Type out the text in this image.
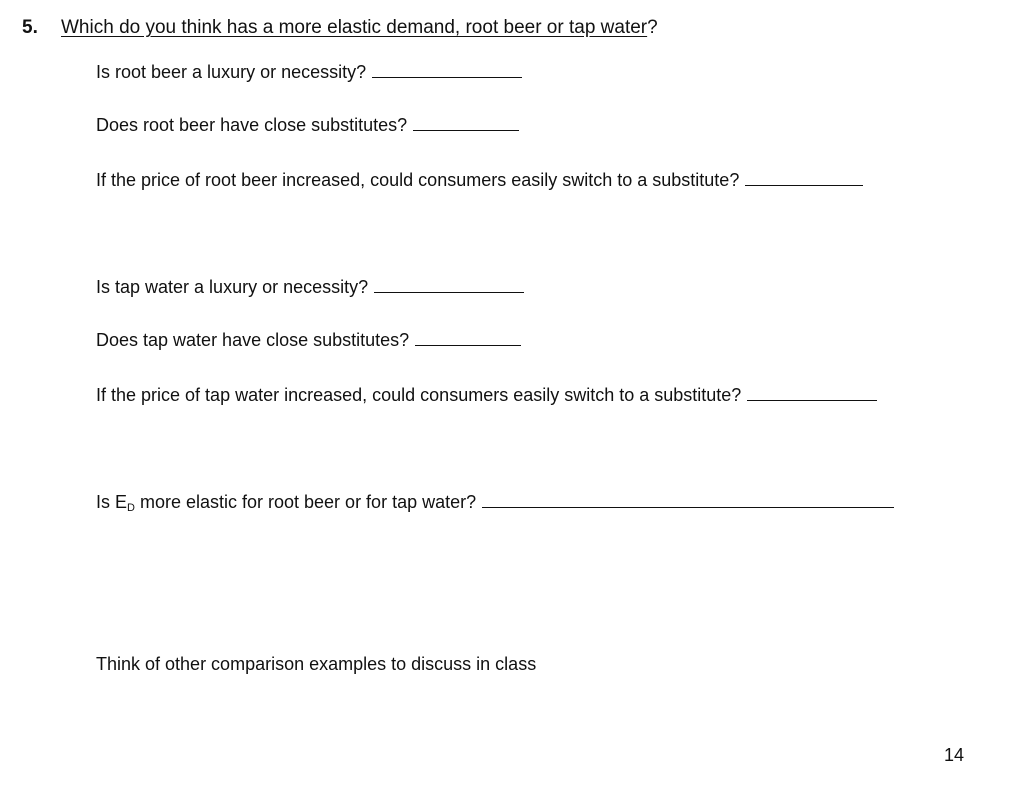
5. Which do you think has a more elastic demand, root beer or tap water?
Is root beer a luxury or necessity?
Does root beer have close substitutes?
If the price of root beer increased, could consumers easily switch to a substitute?
Is tap water a luxury or necessity?
Does tap water have close substitutes?
If the price of tap water increased, could consumers easily switch to a substitute?
Is $E_D$ more elastic for root beer or for tap water?
Think of other comparison examples to discuss in class
14
